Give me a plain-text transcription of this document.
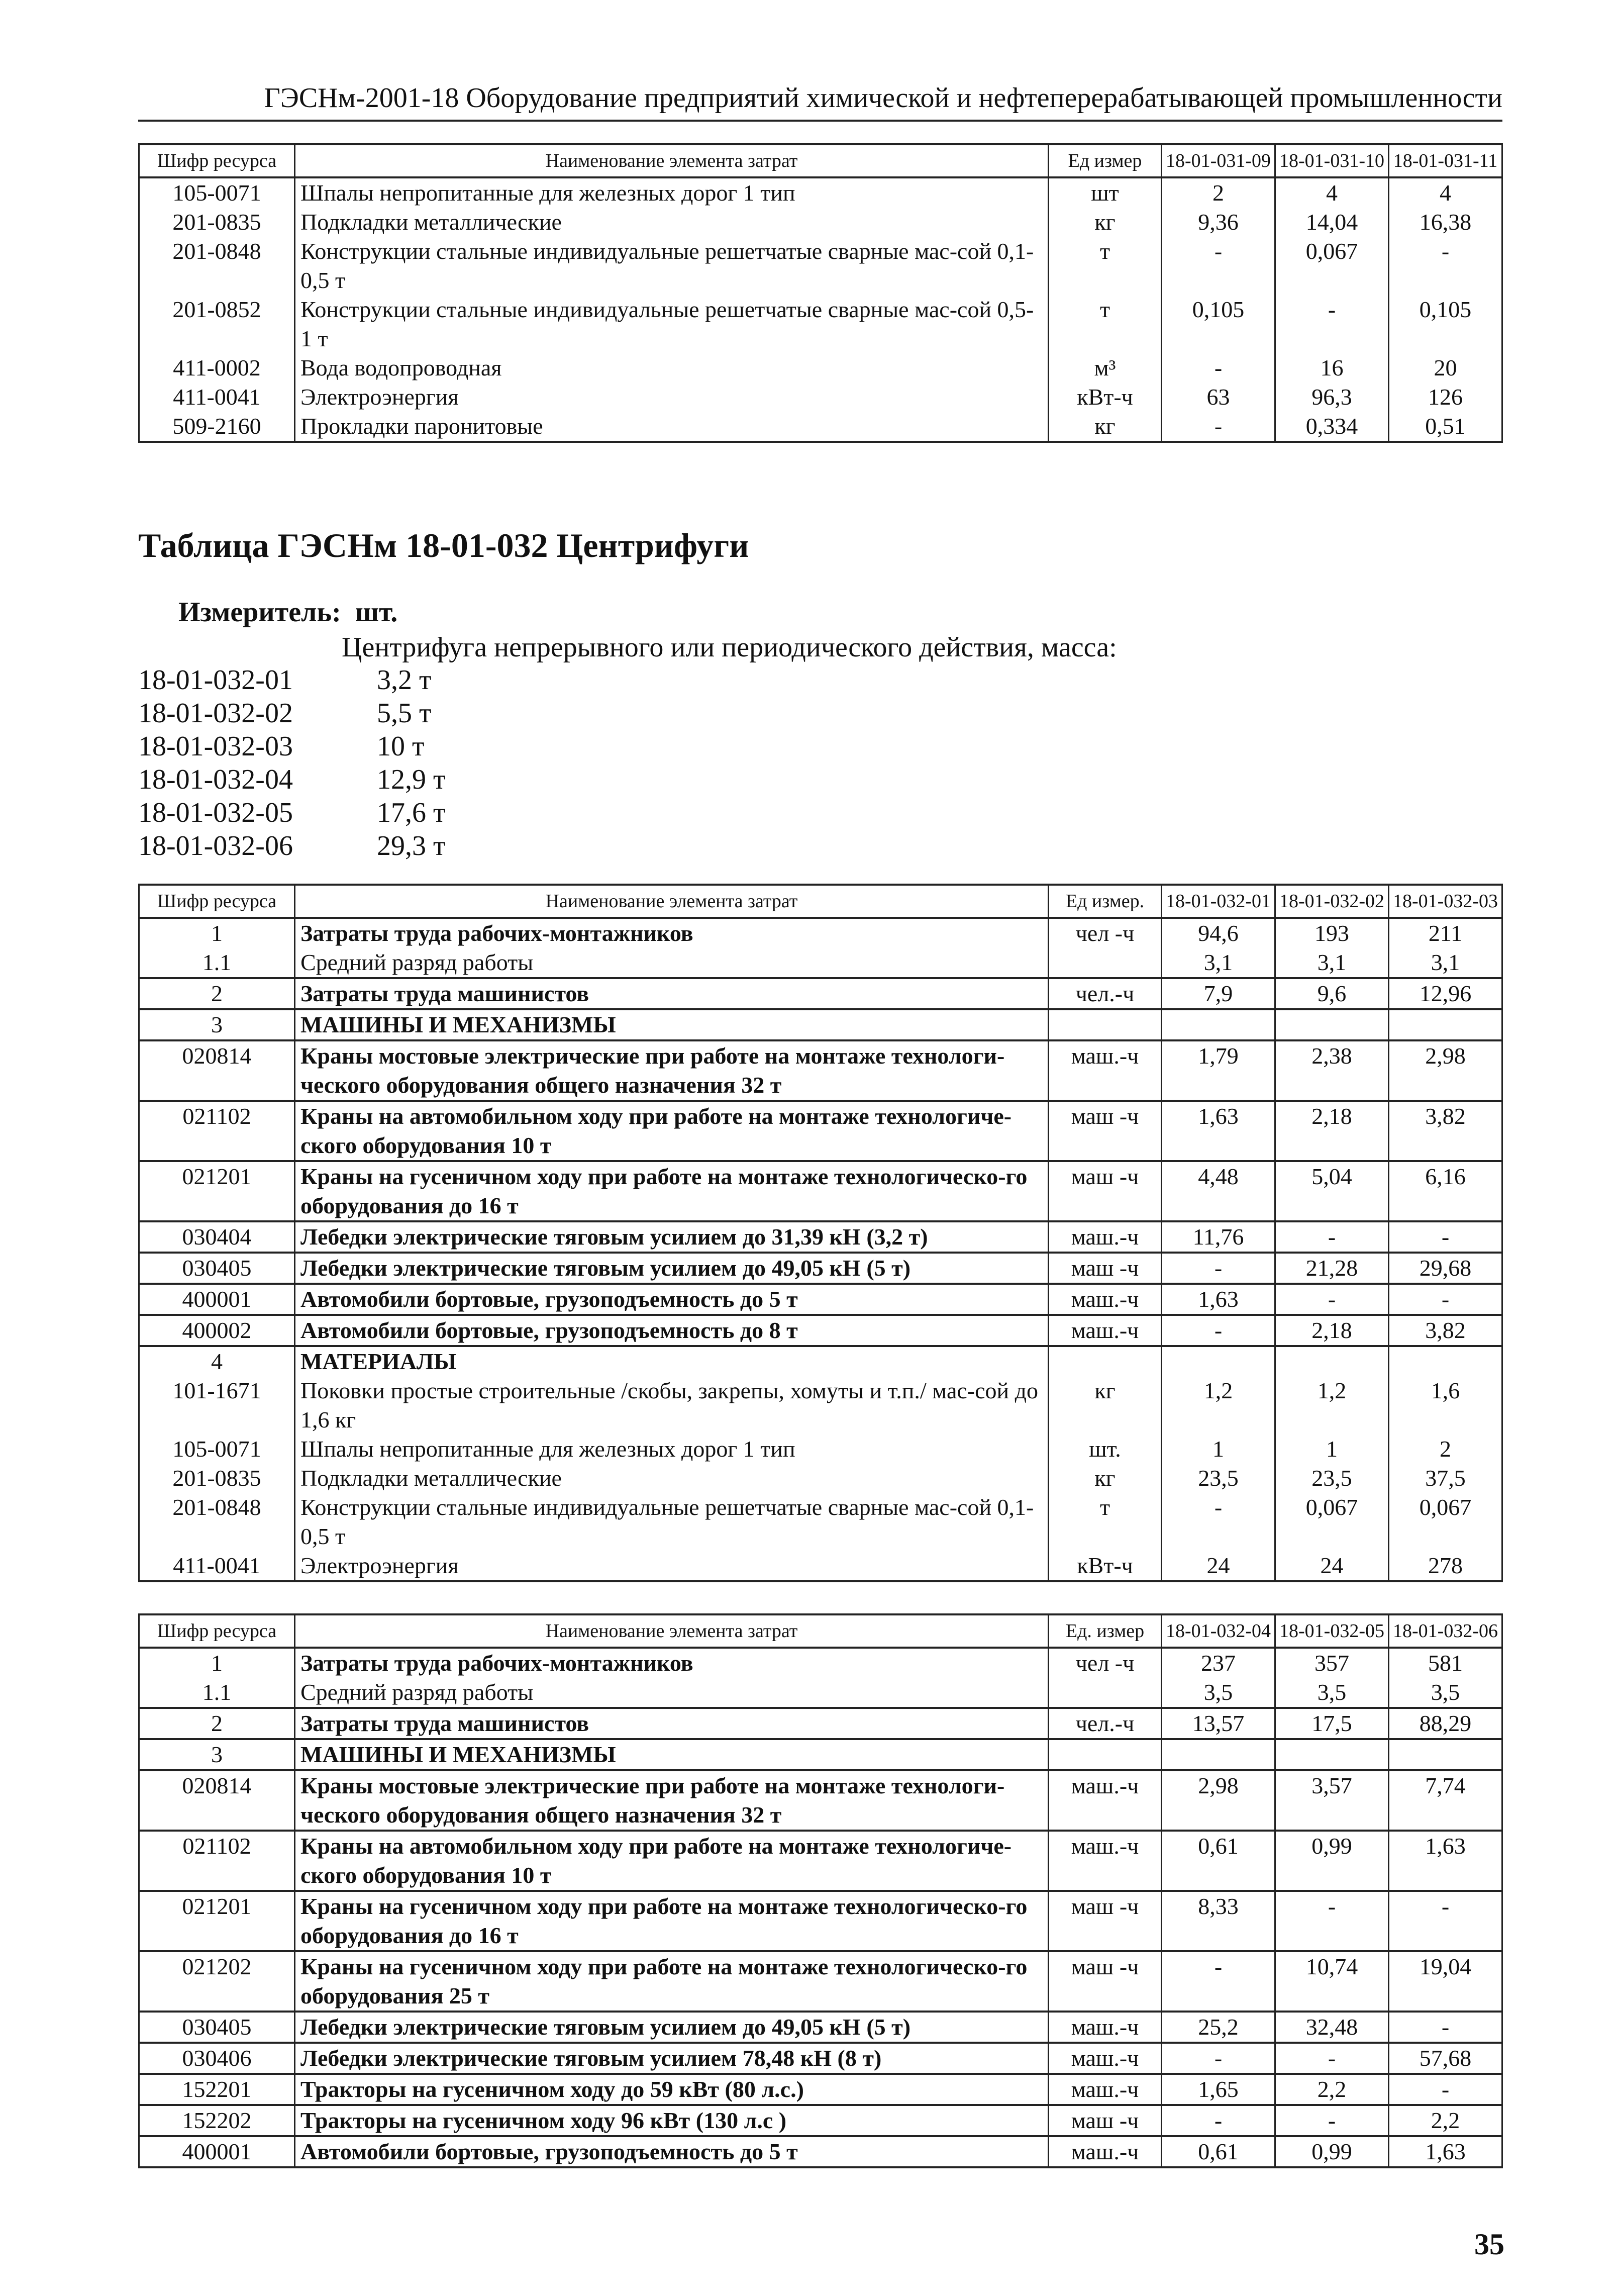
ГЭСНм-2001-18 Оборудование предприятий химической и нефтеперерабатывающей промышленности
Шифр ресурса	Наименование элемента затрат	Ед измер	18-01-031-09	18-01-031-10	18-01-031-11
105-0071	Шпалы непропитанные для железных дорог 1 тип	шт	2	4	4
201-0835	Подкладки металлические	кг	9,36	14,04	16,38
201-0848	Конструкции стальные индивидуальные решетчатые сварные мас-сой 0,1-0,5 т	т	-	0,067	-
201-0852	Конструкции стальные индивидуальные решетчатые сварные мас-сой 0,5-1 т	т	0,105	-	0,105
411-0002	Вода водопроводная	м³	-	16	20
411-0041	Электроэнергия	кВт-ч	63	96,3	126
509-2160	Прокладки паронитовые	кг	-	0,334	0,51
Таблица ГЭСНм 18-01-032 Центрифуги
Измеритель: шт.
Центрифуга непрерывного или периодического действия, масса:
18-01-032-01	3,2 т
18-01-032-02	5,5 т
18-01-032-03	10 т
18-01-032-04	12,9 т
18-01-032-05	17,6 т
18-01-032-06	29,3 т
Шифр ресурса	Наименование элемента затрат	Ед измер.	18-01-032-01	18-01-032-02	18-01-032-03
1	Затраты труда рабочих-монтажников	чел -ч	94,6	193	211
1.1	Средний разряд работы		3,1	3,1	3,1
2	Затраты труда машинистов	чел.-ч	7,9	9,6	12,96
3	МАШИНЫ И МЕХАНИЗМЫ				
020814	Краны мостовые электрические при работе на монтаже технологи-ческого оборудования общего назначения 32 т	маш.-ч	1,79	2,38	2,98
021102	Краны на автомобильном ходу при работе на монтаже технологиче-ского оборудования 10 т	маш -ч	1,63	2,18	3,82
021201	Краны на гусеничном ходу при работе на монтаже технологическо-го оборудования до 16 т	маш -ч	4,48	5,04	6,16
030404	Лебедки электрические тяговым усилием до 31,39 кН (3,2 т)	маш.-ч	11,76	-	-
030405	Лебедки электрические тяговым усилием до 49,05 кН (5 т)	маш -ч	-	21,28	29,68
400001	Автомобили бортовые, грузоподъемность до 5 т	маш.-ч	1,63	-	-
400002	Автомобили бортовые, грузоподъемность до 8 т	маш.-ч	-	2,18	3,82
4	МАТЕРИАЛЫ				
101-1671	Поковки простые строительные /скобы, закрепы, хомуты и т.п./ мас-сой до 1,6 кг	кг	1,2	1,2	1,6
105-0071	Шпалы непропитанные для железных дорог 1 тип	шт.	1	1	2
201-0835	Подкладки металлические	кг	23,5	23,5	37,5
201-0848	Конструкции стальные индивидуальные решетчатые сварные мас-сой 0,1-0,5 т	т	-	0,067	0,067
411-0041	Электроэнергия	кВт-ч	24	24	278
Шифр ресурса	Наименование элемента затрат	Ед. измер	18-01-032-04	18-01-032-05	18-01-032-06
1	Затраты труда рабочих-монтажников	чел -ч	237	357	581
1.1	Средний разряд работы		3,5	3,5	3,5
2	Затраты труда машинистов	чел.-ч	13,57	17,5	88,29
3	МАШИНЫ И МЕХАНИЗМЫ				
020814	Краны мостовые электрические при работе на монтаже технологи-ческого оборудования общего назначения 32 т	маш.-ч	2,98	3,57	7,74
021102	Краны на автомобильном ходу при работе на монтаже технологиче-ского оборудования 10 т	маш.-ч	0,61	0,99	1,63
021201	Краны на гусеничном ходу при работе на монтаже технологическо-го оборудования до 16 т	маш -ч	8,33	-	-
021202	Краны на гусеничном ходу при работе на монтаже технологическо-го оборудования 25 т	маш -ч	-	10,74	19,04
030405	Лебедки электрические тяговым усилием до 49,05 кН (5 т)	маш.-ч	25,2	32,48	-
030406	Лебедки электрические тяговым усилием 78,48 кН (8 т)	маш.-ч	-	-	57,68
152201	Тракторы на гусеничном ходу до 59 кВт (80 л.с.)	маш.-ч	1,65	2,2	-
152202	Тракторы на гусеничном ходу 96 кВт (130 л.с )	маш -ч	-	-	2,2
400001	Автомобили бортовые, грузоподъемность до 5 т	маш.-ч	0,61	0,99	1,63
35
